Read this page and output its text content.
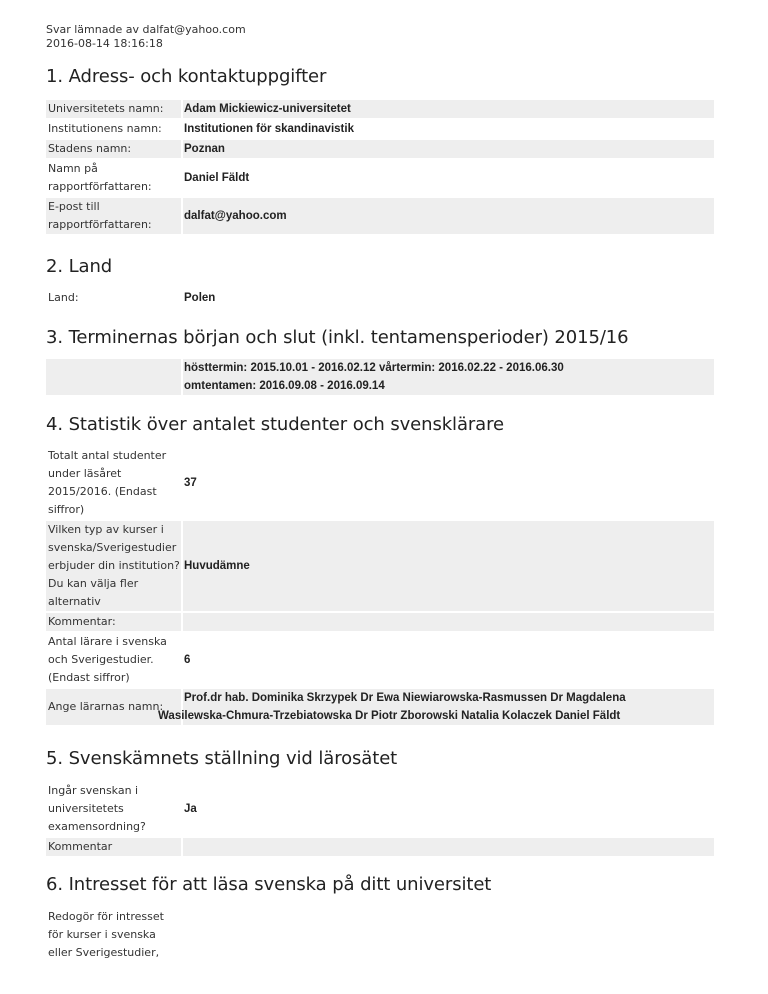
Svar lämnade av dalfat@yahoo.com
2016-08-14 18:16:18
1. Adress- och kontaktuppgifter
Universitetets namn:		Adam Mickiewicz-universitetet
Institutionens namn:		Institutionen för skandinavistik
Stadens namn:		Poznan
Namn på rapportförfattaren:		Daniel Fäldt
E-post till rapportförfattaren:		dalfat@yahoo.com
2. Land
Land:		Polen
3. Terminernas början och slut (inkl. tentamensperioder) 2015/16

hösttermin: 2015.10.01 - 2016.02.12 vårtermin: 2016.02.22 - 2016.06.30
omtentamen: 2016.09.08 - 2016.09.14
4. Statistik över antalet studenter och svensklärare
Totalt antal studenter under läsåret 2015/2016. (Endast siffror)		37
Vilken typ av kurser i svenska/Sverigestudier erbjuder din institution?Du kan välja fler alternativ		Huvudämne
Kommentar:		
Antal lärare i svenska och Sverigestudier. (Endast siffror)		6
Ange lärarnas namn:		Prof.dr hab. Dominika Skrzypek Dr Ewa Niewiarowska-Rasmussen Dr Magdalena
Wasilewska-Chmura-Trzebiatowska Dr Piotr Zborowski Natalia Kolaczek Daniel Fäldt
5. Svenskämnets ställning vid lärosätet
Ingår svenskan i universitetets examensordning?		Ja
Kommentar		
6. Intresset för att läsa svenska på ditt universitet
Redogör för intresset för kurser i svenska eller Sverigestudier,		
